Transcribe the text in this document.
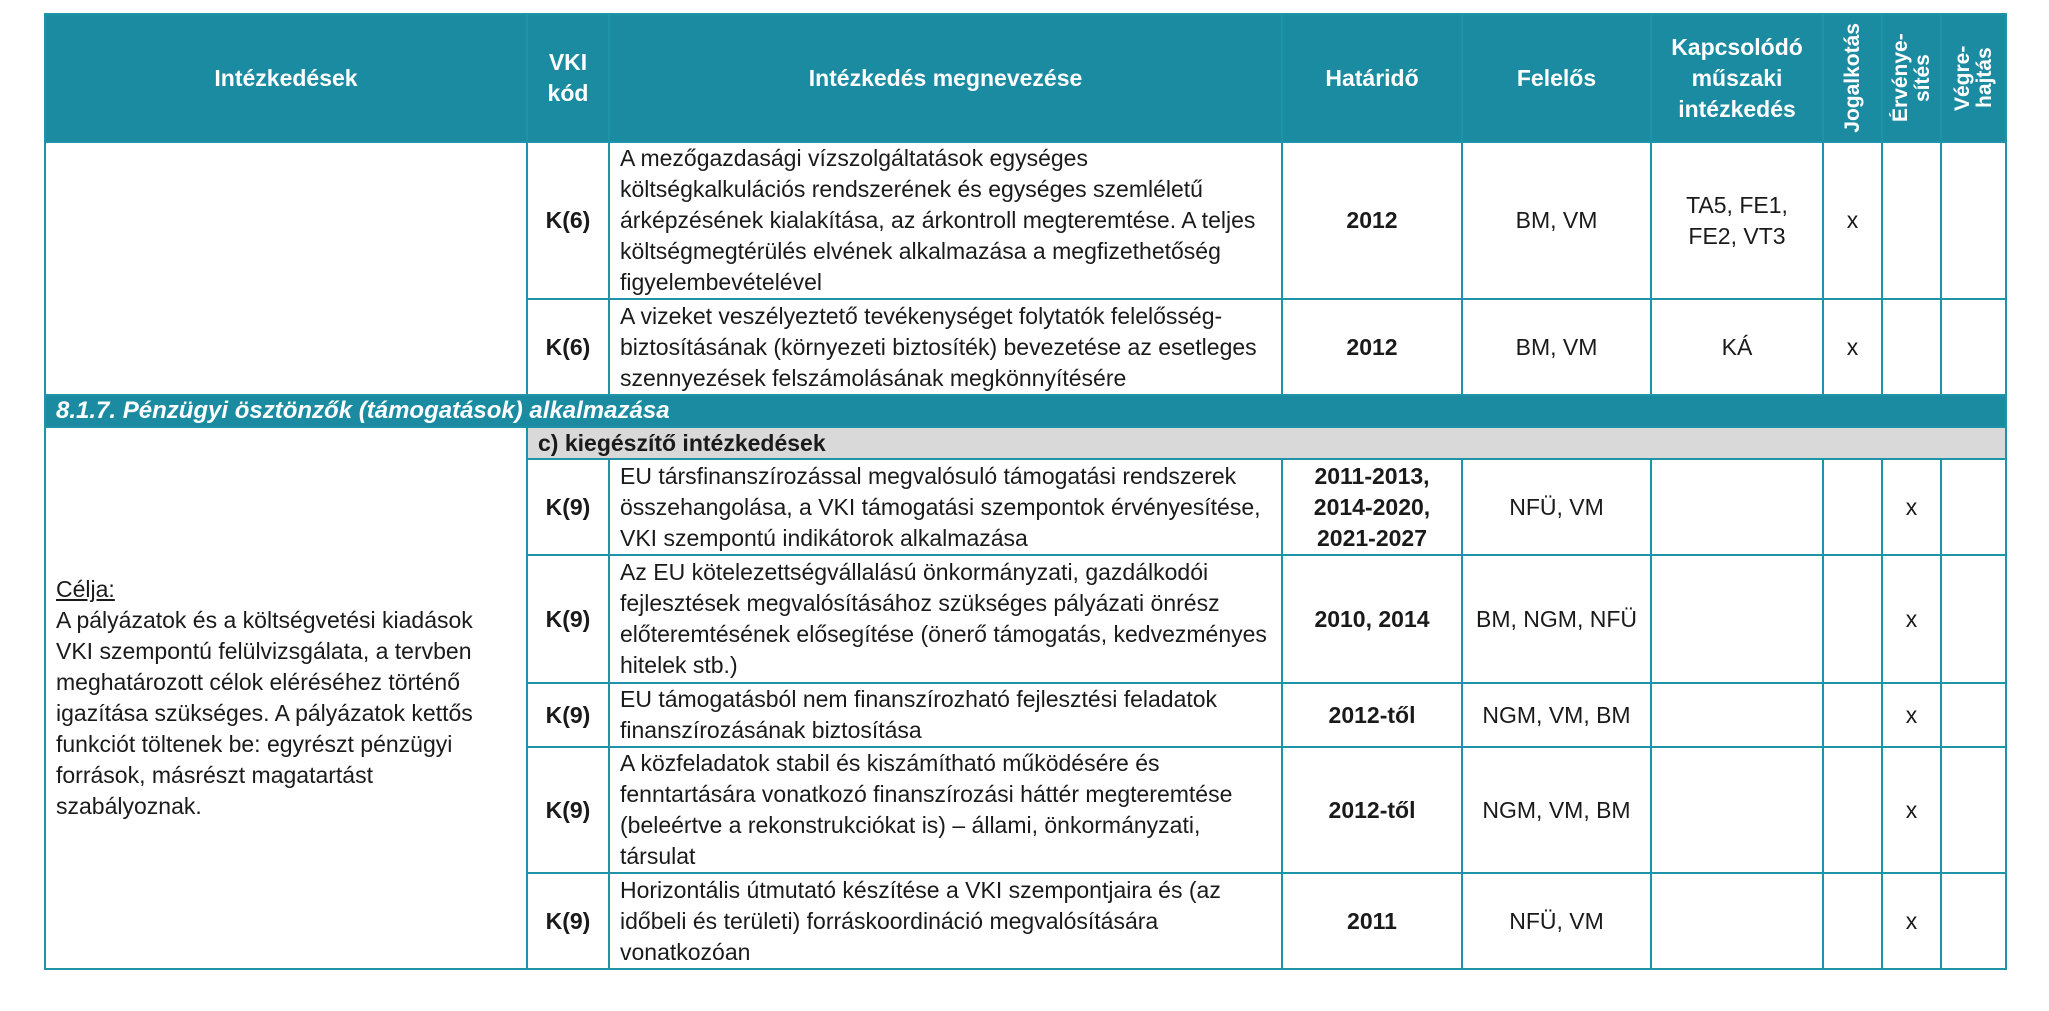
Intézkedések	VKI kód	Intézkedés megnevezése	Határidő	Felelős	Kapcsolódó műszaki intézkedés	Jogalkotás	Érvénye-sítés	Végre-hajtás

	K(6)	A mezőgazdasági vízszolgáltatások egységes költségkalkulációs rendszerének és egységes szemléletű árképzésének kialakítása, az árkontroll megteremtése. A teljes költségmegtérülés elvének alkalmazása a megfizethetőség figyelembevételével	2012	BM, VM	TA5, FE1, FE2, VT3	x		
	K(6)	A vizeket veszélyeztető tevékenységet folytatók felelősség-biztosításának (környezeti biztosíték) bevezetése az esetleges szennyezések felszámolásának megkönnyítésére	2012	BM, VM	KÁ	x		
8.1.7. Pénzügyi ösztönzők (támogatások) alkalmazása								

Célja:
A pályázatok és a költségvetési kiadások VKI szempontú felülvizsgálata, a tervben meghatározott célok eléréséhez történő igazítása szükséges. A pályázatok kettős funkciót töltenek be: egyrészt pénzügyi források, másrészt magatartást szabályoznak.	c) kiegészítő intézkedések							
	K(9)	EU társfinanszírozással megvalósuló támogatási rendszerek összehangolása, a VKI támogatási szempontok érvényesítése, VKI szempontú indikátorok alkalmazása	2011-2013,
2014-2020,
2021-2027	NFÜ, VM			x	
	K(9)	Az EU kötelezettségvállalású önkormányzati, gazdálkodói fejlesztések megvalósításához szükséges pályázati önrész előteremtésének elősegítése (önerő támogatás, kedvezményes hitelek stb.)	2010, 2014	BM, NGM, NFÜ			x	
	K(9)	EU támogatásból nem finanszírozható fejlesztési feladatok finanszírozásának biztosítása	2012-től	NGM, VM, BM			x	
	K(9)	A közfeladatok stabil és kiszámítható működésére és fenntartására vonatkozó finanszírozási háttér megteremtése (beleértve a rekonstrukciókat is) – állami, önkormányzati, társulat	2012-től	NGM, VM, BM			x	
	K(9)	Horizontális útmutató készítése a VKI szempontjaira és (az időbeli és területi) forráskoordináció megvalósítására vonatkozóan	2011	NFÜ, VM			x	
